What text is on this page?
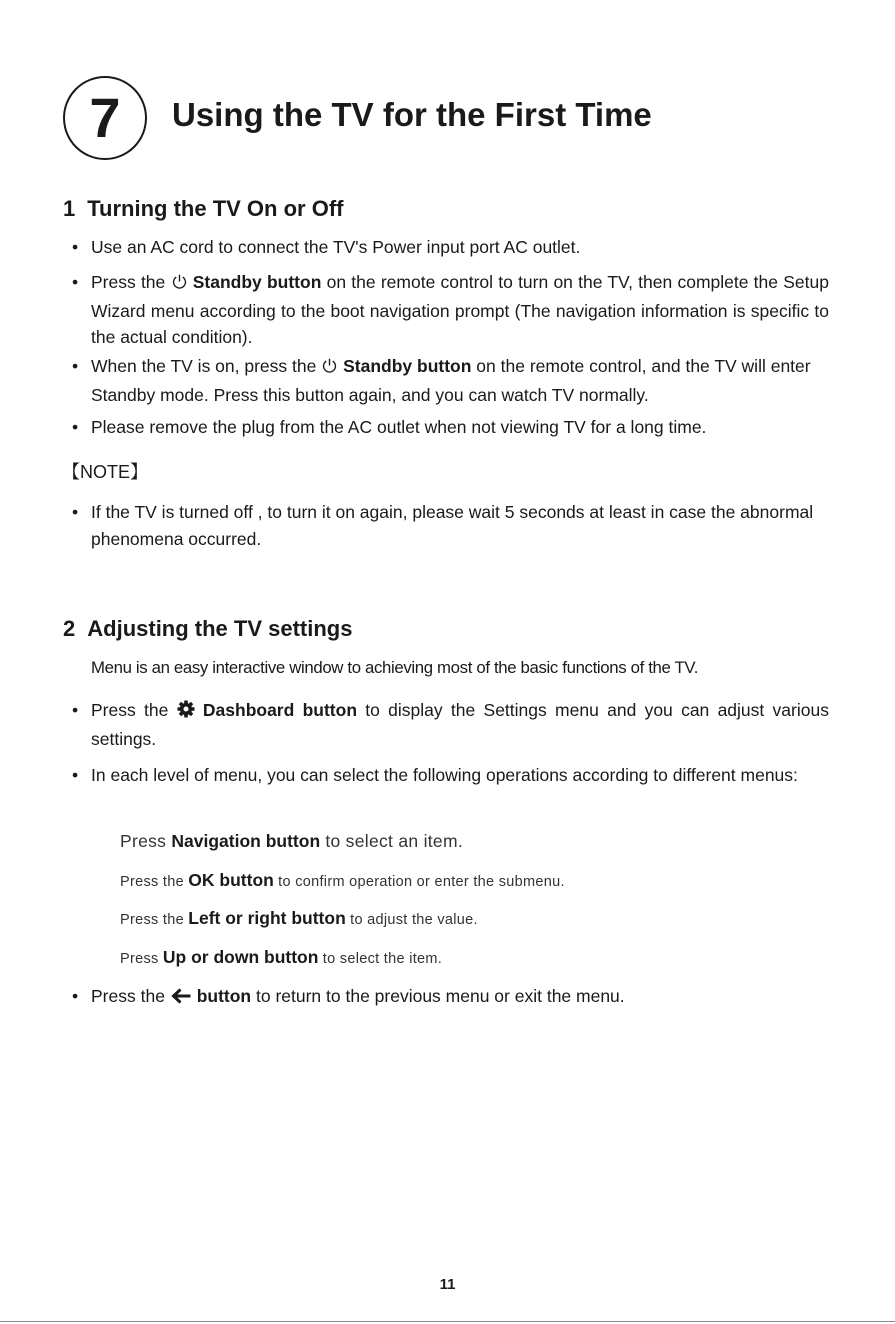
7 Using the TV for the First Time
1 Turning the TV On or Off
• Use an AC cord to connect the TV's Power input port AC outlet.
• Press the Standby button on the remote control to turn on the TV, then complete the Setup Wizard menu according to the boot navigation prompt (The navigation information is specific to the actual condition).
• When the TV is on, press the Standby button on the remote control, and the TV will enter Standby mode. Press this button again, and you can watch TV normally.
• Please remove the plug from the AC outlet when not viewing TV for a long time.
【NOTE】
• If the TV is turned off , to turn it on again, please wait 5 seconds at least in case the abnormal phenomena occurred.
2 Adjusting the TV settings
Menu is an easy interactive window to achieving most of the basic functions of the TV.
• Press the Dashboard button to display the Settings menu and you can adjust various settings.
• In each level of menu, you can select the following operations according to different menus:
Press Navigation button to select an item.
Press the OK button to confirm operation or enter the submenu.
Press the Left or right button to adjust the value.
Press Up or down button to select the item.
• Press the button to return to the previous menu or exit the menu.
11
